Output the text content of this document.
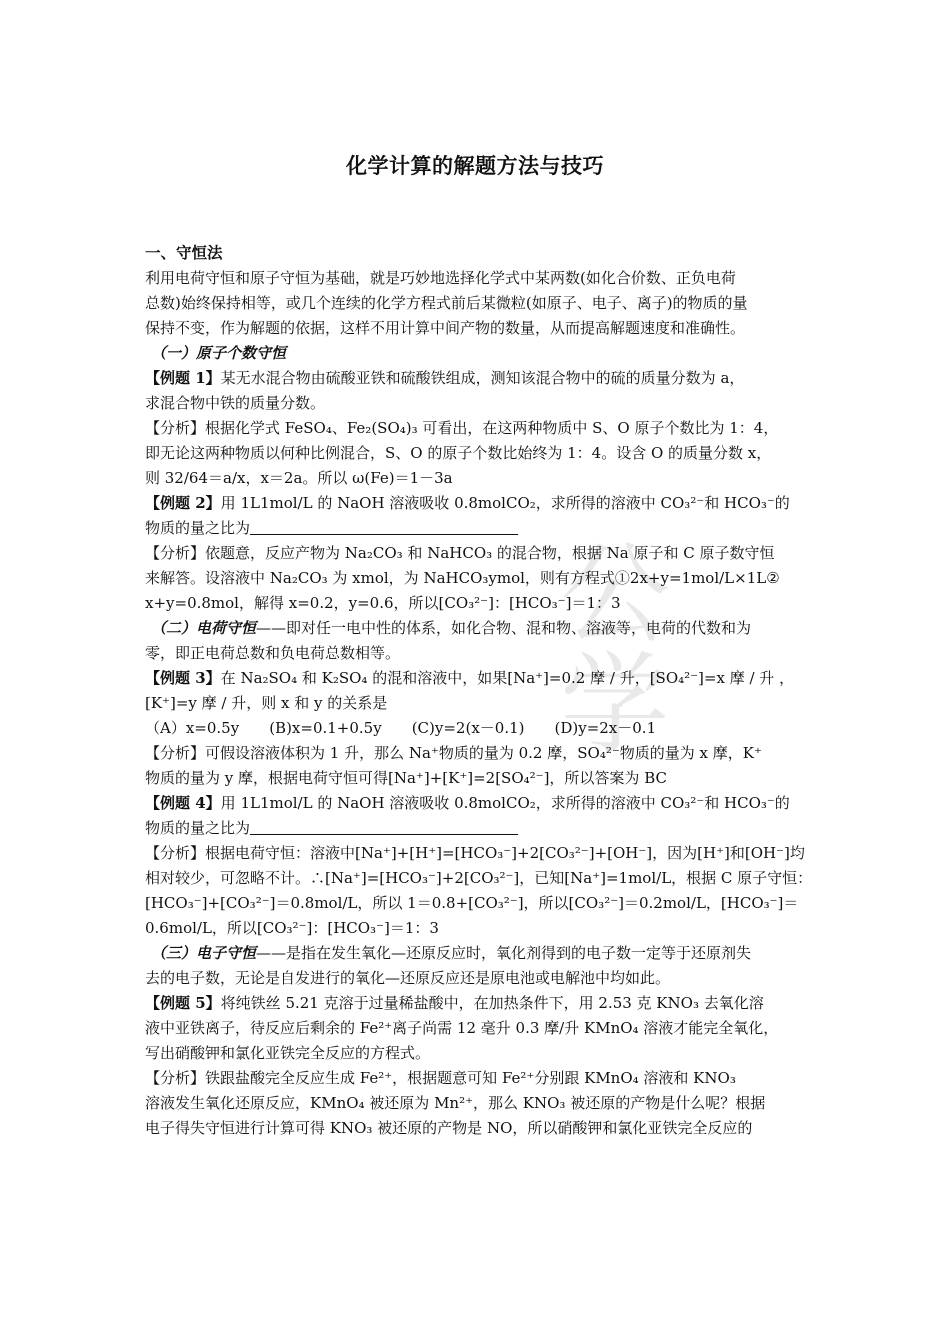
化学计算的解题方法与技巧
公
学
一、守恒法
利用电荷守恒和原子守恒为基础，就是巧妙地选择化学式中某两数(如化合价数、正负电荷
总数)始终保持相等，或几个连续的化学方程式前后某微粒(如原子、电子、离子)的物质的量
保持不变，作为解题的依据，这样不用计算中间产物的数量，从而提高解题速度和准确性。
（一）原子个数守恒
【例题 1】某无水混合物由硫酸亚铁和硫酸铁组成，测知该混合物中的硫的质量分数为 a，
求混合物中铁的质量分数。
【分析】根据化学式 FeSO₄、Fe₂(SO₄)₃ 可看出，在这两种物质中 S、O 原子个数比为 1：4，
即无论这两种物质以何种比例混合，S、O 的原子个数比始终为 1：4。设含 O 的质量分数 x，
则 32/64＝a/x，x＝2a。所以 ω(Fe)＝1－3a
【例题 2】用 1L1mol/L 的 NaOH 溶液吸收 0.8molCO₂，求所得的溶液中 CO₃²⁻和 HCO₃⁻的
物质的量之比为
【分析】依题意，反应产物为 Na₂CO₃ 和 NaHCO₃ 的混合物，根据 Na 原子和 C 原子数守恒
来解答。设溶液中 Na₂CO₃ 为 xmol，为 NaHCO₃ymol，则有方程式①2x+y=1mol/L×1L②
x+y=0.8mol，解得 x=0.2，y=0.6，所以[CO₃²⁻]：[HCO₃⁻]＝1：3
（二）电荷守恒——即对任一电中性的体系，如化合物、混和物、溶液等，电荷的代数和为
零，即正电荷总数和负电荷总数相等。
【例题 3】在 Na₂SO₄ 和 K₂SO₄ 的混和溶液中，如果[Na⁺]=0.2 摩 / 升，[SO₄²⁻]=x 摩 / 升 ，
[K⁺]=y 摩 / 升，则 x 和 y 的关系是
（A）x=0.5y　　(B)x=0.1+0.5y　　(C)y=2(x－0.1)　　(D)y=2x－0.1
【分析】可假设溶液体积为 1 升，那么 Na⁺物质的量为 0.2 摩，SO₄²⁻物质的量为 x 摩，K⁺
物质的量为 y 摩，根据电荷守恒可得[Na⁺]+[K⁺]=2[SO₄²⁻]，所以答案为 BC
【例题 4】用 1L1mol/L 的 NaOH 溶液吸收 0.8molCO₂，求所得的溶液中 CO₃²⁻和 HCO₃⁻的
物质的量之比为
【分析】根据电荷守恒：溶液中[Na⁺]+[H⁺]=[HCO₃⁻]+2[CO₃²⁻]+[OH⁻]，因为[H⁺]和[OH⁻]均
相对较少，可忽略不计。∴[Na⁺]=[HCO₃⁻]+2[CO₃²⁻]，已知[Na⁺]=1mol/L，根据 C 原子守恒：
[HCO₃⁻]+[CO₃²⁻]＝0.8mol/L，所以 1＝0.8+[CO₃²⁻]，所以[CO₃²⁻]＝0.2mol/L，[HCO₃⁻]＝
0.6mol/L，所以[CO₃²⁻]：[HCO₃⁻]＝1：3
（三）电子守恒——是指在发生氧化—还原反应时，氧化剂得到的电子数一定等于还原剂失
去的电子数，无论是自发进行的氧化—还原反应还是原电池或电解池中均如此。
【例题 5】将纯铁丝 5.21 克溶于过量稀盐酸中，在加热条件下，用 2.53 克 KNO₃ 去氧化溶
液中亚铁离子，待反应后剩余的 Fe²⁺离子尚需 12 毫升 0.3 摩/升 KMnO₄ 溶液才能完全氧化，
写出硝酸钾和氯化亚铁完全反应的方程式。
【分析】铁跟盐酸完全反应生成 Fe²⁺，根据题意可知 Fe²⁺分别跟 KMnO₄ 溶液和 KNO₃
溶液发生氧化还原反应，KMnO₄ 被还原为 Mn²⁺，那么 KNO₃ 被还原的产物是什么呢？根据
电子得失守恒进行计算可得 KNO₃ 被还原的产物是 NO，所以硝酸钾和氯化亚铁完全反应的
